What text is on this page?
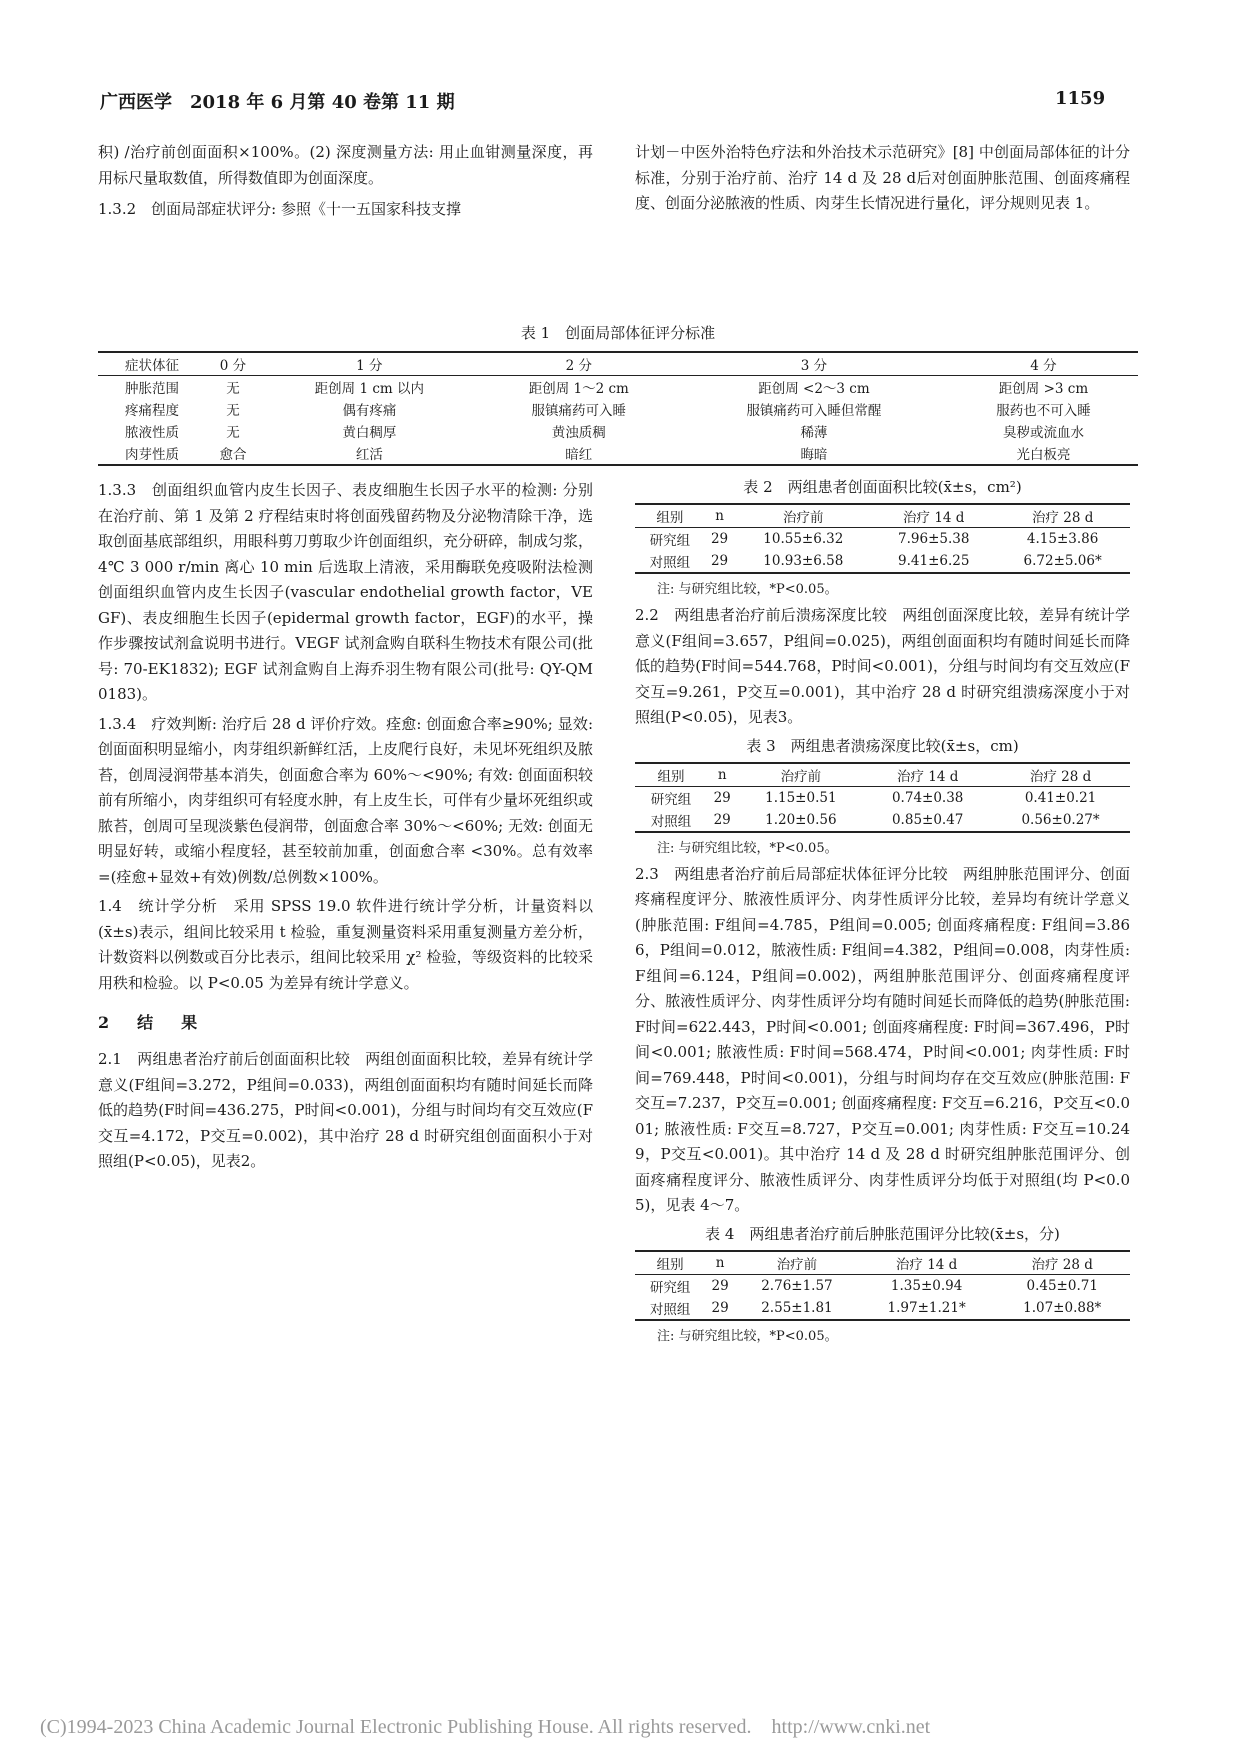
广西医学　2018 年 6 月第 40 卷第 11 期	1159

积) /治疗前创面面积×100%。(2) 深度测量方法: 用止血钳测量深度，再用标尺量取数值，所得数值即为创面深度。

1.3.2　创面局部症状评分: 参照《十一五国家科技支撑

计划－中医外治特色疗法和外治技术示范研究》[8] 中创面局部体征的计分标准，分别于治疗前、治疗 14 d 及 28 d后对创面肿胀范围、创面疼痛程度、创面分泌脓液的性质、肉芽生长情况进行量化，评分规则见表 1。

表 1　创面局部体征评分标准

症状体征	0 分	1 分	2 分	3 分	4 分
肿胀范围	无	距创周 1 cm 以内	距创周 1～2 cm	距创周 <2～3 cm	距创周 >3 cm
疼痛程度	无	偶有疼痛	服镇痛药可入睡	服镇痛药可入睡但常醒	服药也不可入睡
脓液性质	无	黄白稠厚	黄浊质稠	稀薄	臭秽或流血水
肉芽性质	愈合	红活	暗红	晦暗	光白板亮

1.3.3　创面组织血管内皮生长因子、表皮细胞生长因子水平的检测: 分别在治疗前、第 1 及第 2 疗程结束时将创面残留药物及分泌物清除干净，选取创面基底部组织，用眼科剪刀剪取少许创面组织，充分研碎，制成匀浆，4℃ 3 000 r/min 离心 10 min 后选取上清液，采用酶联免疫吸附法检测创面组织血管内皮生长因子(vascular endothelial growth factor，VEGF)、表皮细胞生长因子(epidermal growth factor，EGF)的水平，操作步骤按试剂盒说明书进行。VEGF 试剂盒购自联科生物技术有限公司(批号: 70-EK1832); EGF 试剂盒购自上海乔羽生物有限公司(批号: QY-QM0183)。

1.3.4　疗效判断: 治疗后 28 d 评价疗效。痊愈: 创面愈合率≥90%; 显效: 创面面积明显缩小，肉芽组织新鲜红活，上皮爬行良好，未见坏死组织及脓苔，创周浸润带基本消失，创面愈合率为 60%～<90%; 有效: 创面面积较前有所缩小，肉芽组织可有轻度水肿，有上皮生长，可伴有少量坏死组织或脓苔，创周可呈现淡紫色侵润带，创面愈合率 30%～<60%; 无效: 创面无明显好转，或缩小程度轻，甚至较前加重，创面愈合率 <30%。总有效率=(痊愈+显效+有效)例数/总例数×100%。

1.4　统计学分析　采用 SPSS 19.0 软件进行统计学分析，计量资料以(x̄±s)表示，组间比较采用 t 检验，重复测量资料采用重复测量方差分析，计数资料以例数或百分比表示，组间比较采用 χ² 检验，等级资料的比较采用秩和检验。以 P<0.05 为差异有统计学意义。

2　结　果

2.1　两组患者治疗前后创面面积比较　两组创面面积比较，差异有统计学意义(F组间=3.272，P组间=0.033)，两组创面面积均有随时间延长而降低的趋势(F时间=436.275，P时间<0.001)，分组与时间均有交互效应(F交互=4.172，P交互=0.002)，其中治疗 28 d 时研究组创面面积小于对照组(P<0.05)，见表2。

表 2　两组患者创面面积比较(x̄±s，cm²)

组别	n	治疗前	治疗 14 d	治疗 28 d
研究组	29	10.55±6.32	7.96±5.38	4.15±3.86
对照组	29	10.93±6.58	9.41±6.25	6.72±5.06*

注: 与研究组比较，*P<0.05。

2.2　两组患者治疗前后溃疡深度比较　两组创面深度比较，差异有统计学意义(F组间=3.657，P组间=0.025)，两组创面面积均有随时间延长而降低的趋势(F时间=544.768，P时间<0.001)，分组与时间均有交互效应(F交互=9.261，P交互=0.001)，其中治疗 28 d 时研究组溃疡深度小于对照组(P<0.05)，见表3。

表 3　两组患者溃疡深度比较(x̄±s，cm)

组别	n	治疗前	治疗 14 d	治疗 28 d
研究组	29	1.15±0.51	0.74±0.38	0.41±0.21
对照组	29	1.20±0.56	0.85±0.47	0.56±0.27*

注: 与研究组比较，*P<0.05。

2.3　两组患者治疗前后局部症状体征评分比较　两组肿胀范围评分、创面疼痛程度评分、脓液性质评分、肉芽性质评分比较，差异均有统计学意义(肿胀范围: F组间=4.785，P组间=0.005; 创面疼痛程度: F组间=3.866，P组间=0.012，脓液性质: F组间=4.382，P组间=0.008，肉芽性质: F组间=6.124，P组间=0.002)，两组肿胀范围评分、创面疼痛程度评分、脓液性质评分、肉芽性质评分均有随时间延长而降低的趋势(肿胀范围: F时间=622.443，P时间<0.001; 创面疼痛程度: F时间=367.496，P时间<0.001; 脓液性质: F时间=568.474，P时间<0.001; 肉芽性质: F时间=769.448，P时间<0.001)，分组与时间均存在交互效应(肿胀范围: F交互=7.237，P交互=0.001; 创面疼痛程度: F交互=6.216，P交互<0.001; 脓液性质: F交互=8.727，P交互=0.001; 肉芽性质: F交互=10.249，P交互<0.001)。其中治疗 14 d 及 28 d 时研究组肿胀范围评分、创面疼痛程度评分、脓液性质评分、肉芽性质评分均低于对照组(均 P<0.05)，见表 4～7。

表 4　两组患者治疗前后肿胀范围评分比较(x̄±s，分)

组别	n	治疗前	治疗 14 d	治疗 28 d
研究组	29	2.76±1.57	1.35±0.94	0.45±0.71
对照组	29	2.55±1.81	1.97±1.21*	1.07±0.88*

注: 与研究组比较，*P<0.05。

(C)1994-2023 China Academic Journal Electronic Publishing House. All rights reserved.　http://www.cnki.net
